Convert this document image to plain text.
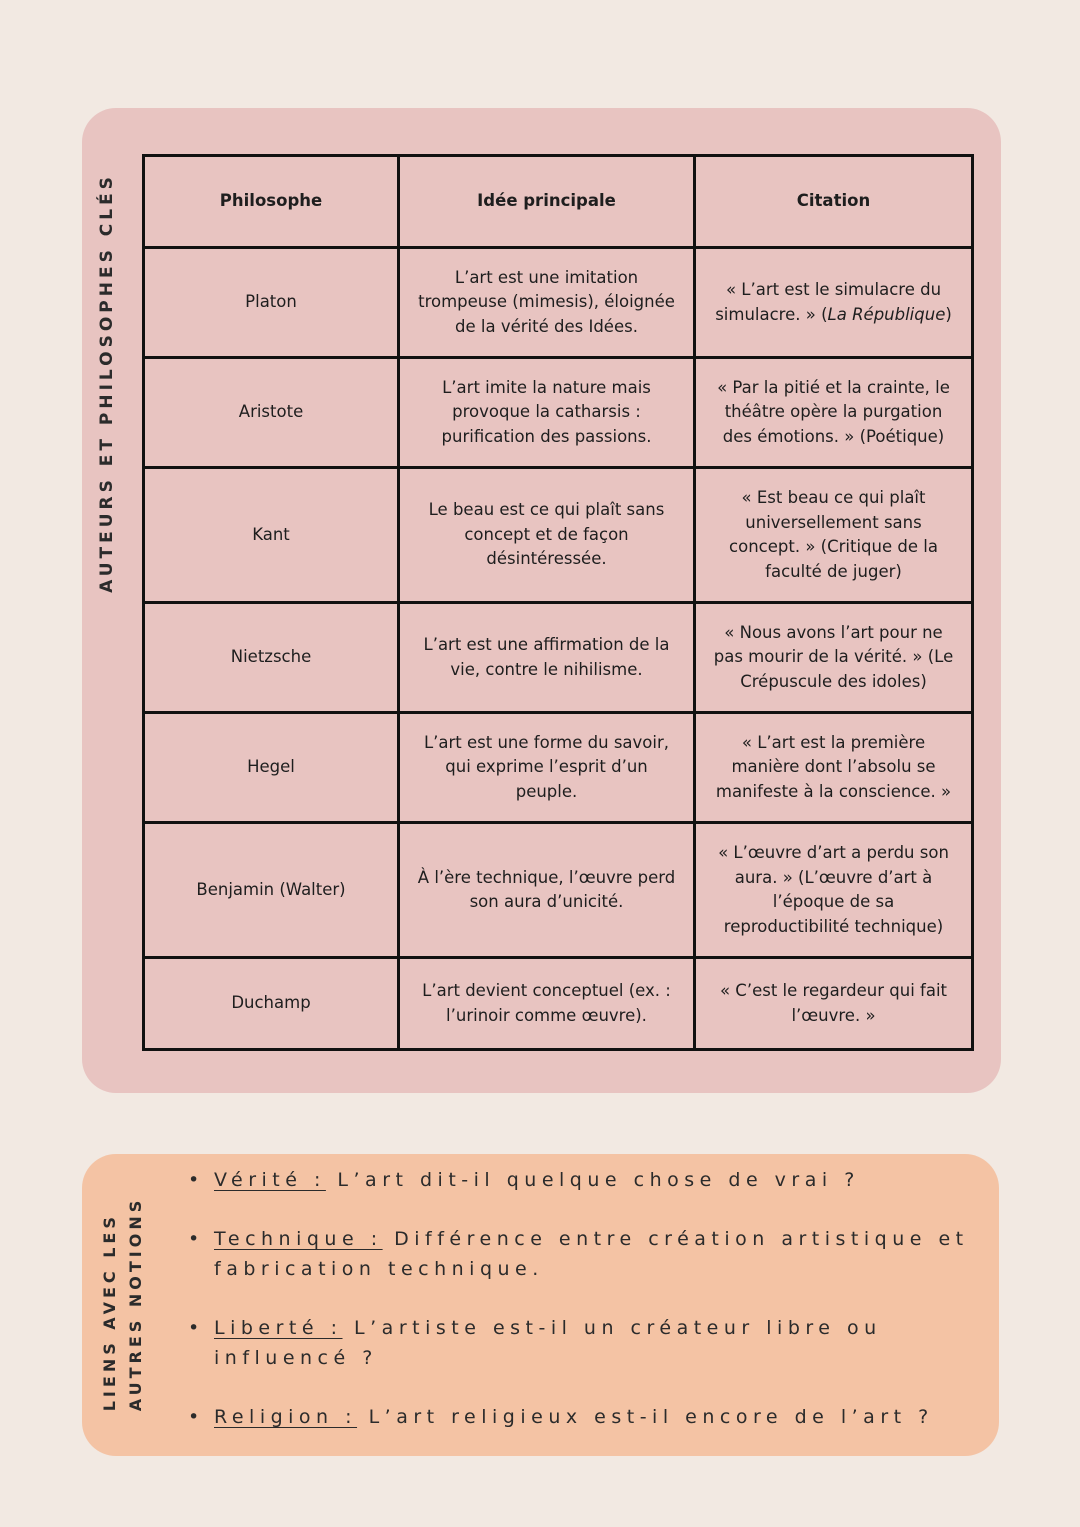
AUTEURS ET PHILOSOPHES CLÉS	Philosophe	Idée principale	Citation
Platon	L’art est une imitation trompeuse (mimesis), éloignée de la vérité des Idées.	« L’art est le simulacre du simulacre. » (La République)
Aristote	L’art imite la nature mais provoque la catharsis : purification des passions.	« Par la pitié et la crainte, le théâtre opère la purgation des émotions. » (Poétique)
Kant	Le beau est ce qui plaît sans concept et de façon désintéressée.	« Est beau ce qui plaît universellement sans concept. » (Critique de la faculté de juger)
Nietzsche	L’art est une affirmation de la vie, contre le nihilisme.	« Nous avons l’art pour ne pas mourir de la vérité. » (Le Crépuscule des idoles)
Hegel	L’art est une forme du savoir, qui exprime l’esprit d’un peuple.	« L’art est la première manière dont l’absolu se manifeste à la conscience. »
Benjamin (Walter)	À l’ère technique, l’œuvre perd son aura d’unicité.	« L’œuvre d’art a perdu son aura. » (L’œuvre d’art à l’époque de sa reproductibilité technique)
Duchamp	L’art devient conceptuel (ex. : l’urinoir comme œuvre).	« C’est le regardeur qui fait l’œuvre. »
LIENS AVEC LES AUTRES NOTIONS
• Vérité : L’art dit-il quelque chose de vrai ?
• Technique : Différence entre création artistique et fabrication technique.
• Liberté : L’artiste est-il un créateur libre ou influencé ?
• Religion : L’art religieux est-il encore de l’art ?
